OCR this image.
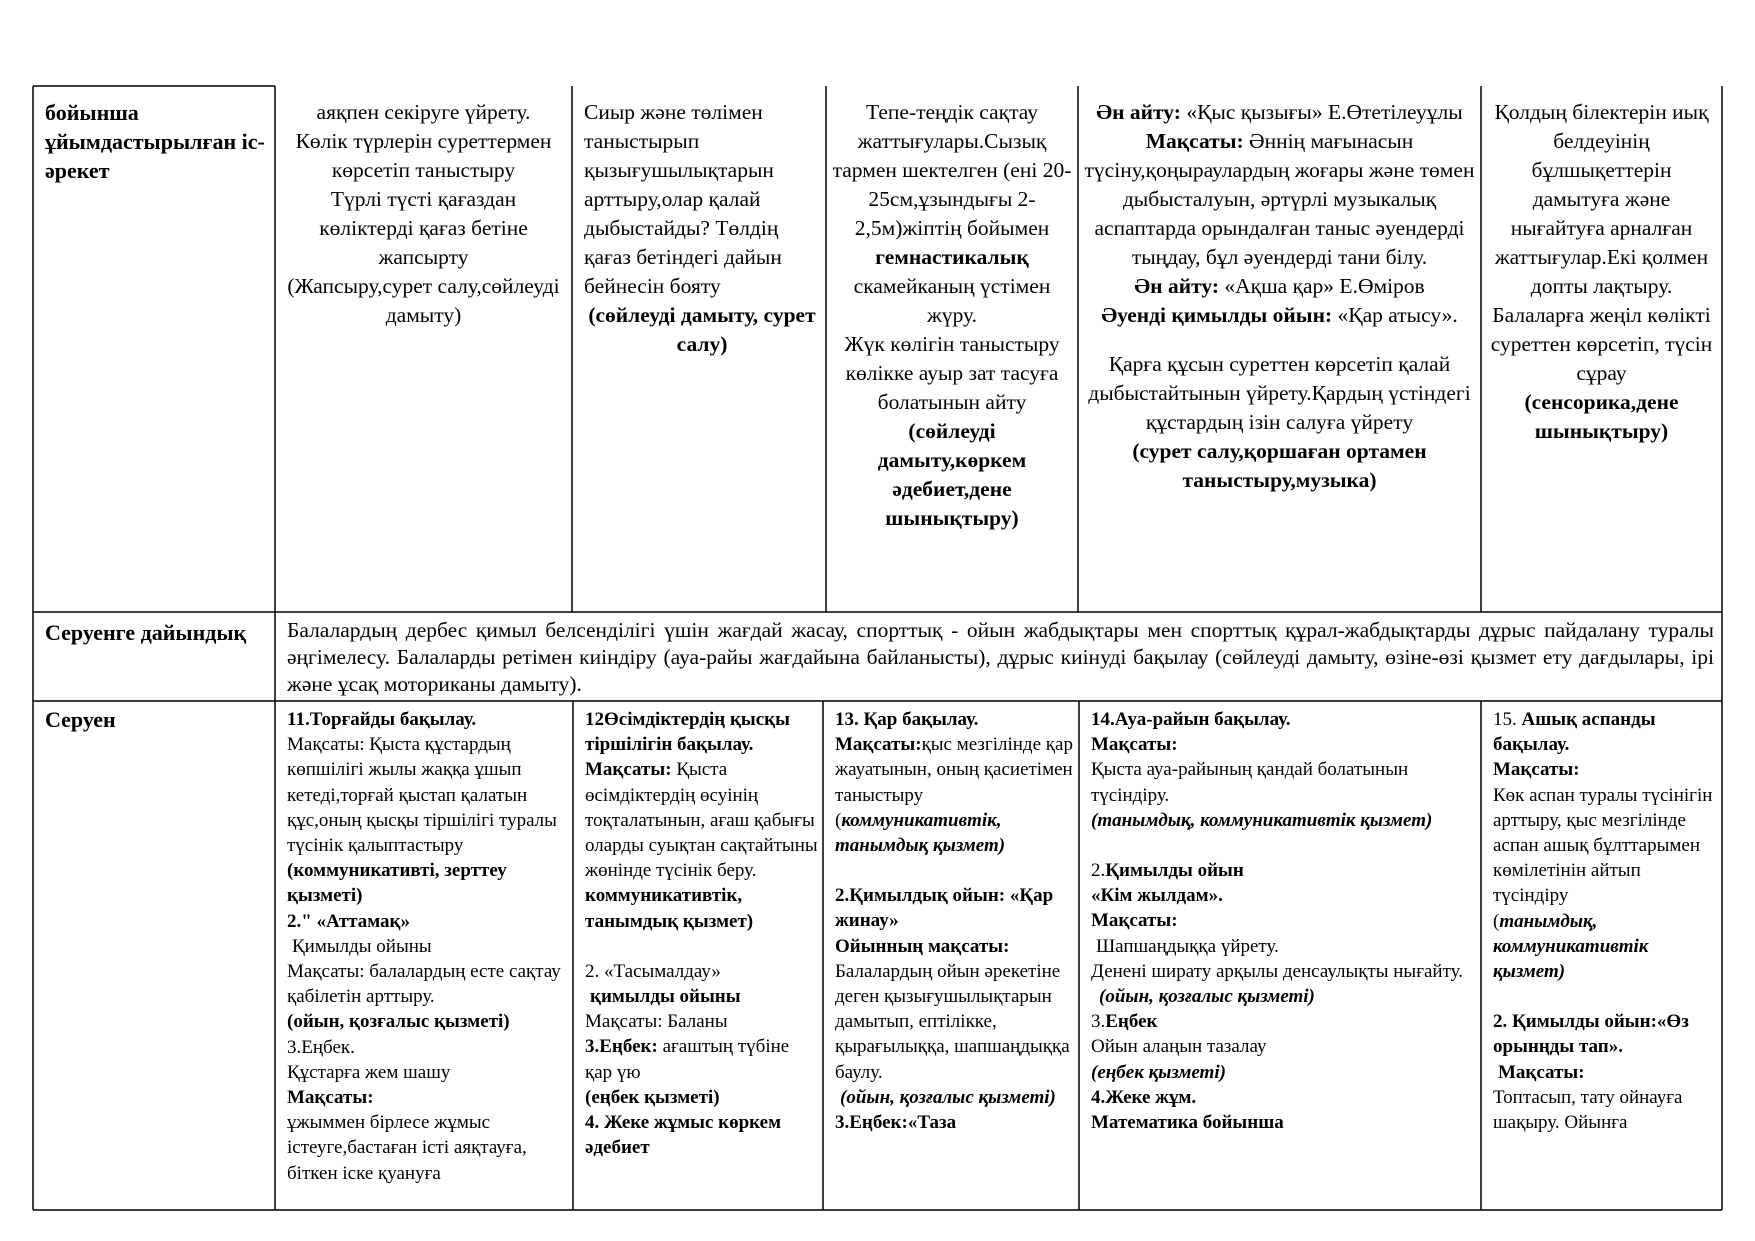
бойынша ұйымдастырылған іс-әрекет

аяқпен секіруге үйрету.

Көлік түрлерін суреттермен көрсетіп таныстыру

Түрлі түсті қағаздан көліктерді қағаз бетіне жапсырту

(Жапсыру,сурет салу,сөйлеуді дамыту)

Сиыр және төлімен таныстырып қызығушылықтарын арттыру,олар қалай дыбыстайды? Төлдің қағаз бетіндегі дайын бейнесін бояту

(сөйлеуді дамыту, сурет салу)

Тепе-теңдік сақтау жаттығулары.Сызық тармен шектелген (ені 20-25см,ұзындығы 2-2,5м)жіптің бойымен

гемнастикалық

скамейканың үстімен жүру.

Жүк көлігін таныстыру көлікке ауыр зат тасуға болатынын айту

(сөйлеуді дамыту,көркем әдебиет,дене шынықтыру)

Ән айту: «Қыс қызығы» Е.Өтетілеуұлы Мақсаты: Әннің мағынасын түсіну,қоңыраулардың жоғары және төмен дыбысталуын, әртүрлі музыкалық аспаптарда орындалған таныс әуендерді тыңдау, бұл әуендерді тани білу.

Ән айту: «Ақша қар» Е.Өміров

Әуенді қимылды ойын: «Қар атысу».

Қарға құсын суреттен көрсетіп қалай дыбыстайтынын үйрету.Қардың үстіндегі құстардың ізін салуға үйрету

(сурет салу,қоршаған ортамен таныстыру,музыка)

Қолдың білектерін иық белдеуінің бұлшықеттерін дамытуға және нығайтуға арналған жаттығулар.Екі қолмен допты лақтыру. Балаларға жеңіл көлікті суреттен көрсетіп, түсін сұрау

(сенсорика,дене шынықтыру)

Серуенге дайындық	Балалардың дербес қимыл белсенділігі үшін жағдай жасау, спорттық - ойын жабдықтары мен спорттық құрал-жабдықтарды дұрыс пайдалану туралы әңгімелесу. Балаларды ретімен киіндіру (ауа-райы жағдайына байланысты), дұрыс киінуді бақылау (сөйлеуді дамыту, өзіне-өзі қызмет ету дағдылары, ірі және ұсақ моториканы дамыту).
Серуен	11.Торғайды бақылау.

Мақсаты: Қыста құстардың көпшілігі жылы жаққа ұшып кетеді,торғай қыстап қалатын құс,оның қысқы тіршілігі туралы түсінік қалыптастыру

(коммуникативті, зерттеу қызметі)

2." «Аттамақ»

Қимылды ойыны

Мақсаты: балалардың есте сақтау қабілетін арттыру.

(ойын, қозғалыс қызметі)

3.Еңбек.

Құстарға жем шашу

Мақсаты:

ұжыммен бірлесе жұмыс істеуге,бастаған істі аяқтауға, біткен іске қуануға

12Өсімдіктердің қысқы тіршілігін бақылау.

Мақсаты: Қыста өсімдіктердің өсуінің тоқталатынын, ағаш қабығы оларды суықтан сақтайтыны жөнінде түсінік беру.

коммуникативтік, танымдық қызмет)

2. «Тасымалдау»

қимылды ойыны

Мақсаты: Баланы

3.Еңбек: ағаштың түбіне қар үю

(еңбек қызметі)

4. Жеке жұмыс көркем әдебиет

13. Қар бақылау.

Мақсаты:қыс мезгілінде қар жауатынын, оның қасиетімен таныстыру

(коммуникативтік, танымдық қызмет)

2.Қимылдық ойын: «Қар жинау»

Ойынның мақсаты:

Балалардың ойын әрекетіне деген қызығушылықтарын дамытып, ептілікке, қырағылыққа, шапшаңдыққа баулу.

(ойын, қозғалыс қызметі)

3.Еңбек:«Таза

14.Ауа-райын бақылау.

Мақсаты:

Қыста ауа-райының қандай болатынын түсіндіру.

(танымдық, коммуникативтік қызмет)

2.Қимылды ойын

«Кім жылдам».

Мақсаты:

Шапшаңдыққа үйрету.

Денені ширату арқылы денсаулықты нығайту.

(ойын, қозғалыс қызметі)

3.Еңбек

Ойын алаңын тазалау

(еңбек қызметі)

4.Жеке жұм.

Математика бойынша

15. Ашық аспанды бақылау.

Мақсаты:

Көк аспан туралы түсінігін арттыру, қыс мезгілінде аспан ашық бұлттарымен көмілетінін айтып түсіндіру

(танымдық, коммуникативтік қызмет)

2. Қимылды ойын:«Өз орынңды тап».

Мақсаты:

Топтасып, тату ойнауға шақыру. Ойынға
